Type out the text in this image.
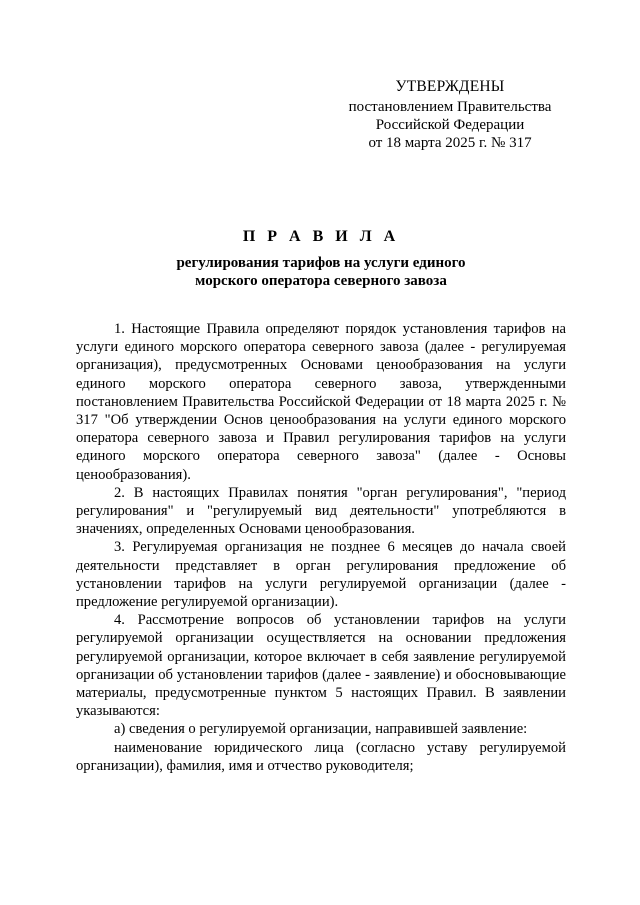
УТВЕРЖДЕНЫ
постановлением Правительства
Российской Федерации
от 18 марта 2025 г. № 317
П Р А В И Л А
регулирования тарифов на услуги единого
морского оператора северного завоза

1. Настоящие Правила определяют порядок установления тарифов на услуги единого морского оператора северного завоза (далее - регулируемая организация), предусмотренных Основами ценообразования на услуги единого морского оператора северного завоза, утвержденными постановлением Правительства Российской Федерации от 18 марта 2025 г. № 317 "Об утверждении Основ ценообразования на услуги единого морского оператора северного завоза и Правил регулирования тарифов на услуги единого морского оператора северного завоза" (далее - Основы ценообразования).

2. В настоящих Правилах понятия "орган регулирования", "период регулирования" и "регулируемый вид деятельности" употребляются в значениях, определенных Основами ценообразования.

3. Регулируемая организация не позднее 6 месяцев до начала своей деятельности представляет в орган регулирования предложение об установлении тарифов на услуги регулируемой организации (далее - предложение регулируемой организации).

4. Рассмотрение вопросов об установлении тарифов на услуги регулируемой организации осуществляется на основании предложения регулируемой организации, которое включает в себя заявление регулируемой организации об установлении тарифов (далее - заявление) и обосновывающие материалы, предусмотренные пунктом 5 настоящих Правил. В заявлении указываются:

а) сведения о регулируемой организации, направившей заявление:

наименование юридического лица (согласно уставу регулируемой организации), фамилия, имя и отчество руководителя;
